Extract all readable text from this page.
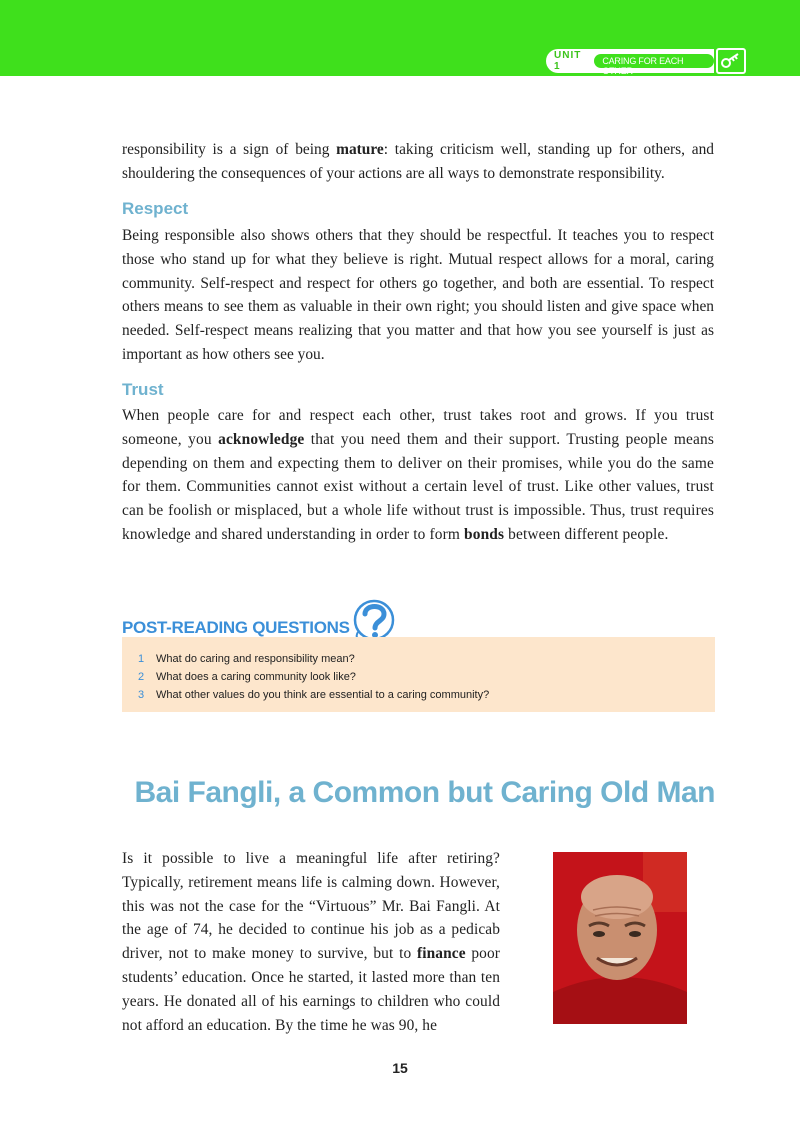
UNIT 1	CARING FOR EACH OTHER

responsibility is a sign of being mature: taking criticism well, standing up for others, and shouldering the consequences of your actions are all ways to demonstrate responsibility.

Respect

Being responsible also shows others that they should be respectful. It teaches you to respect those who stand up for what they believe is right. Mutual respect allows for a moral, caring community. Self-respect and respect for others go together, and both are essential. To respect others means to see them as valuable in their own right; you should listen and give space when needed. Self-respect means realizing that you matter and that how you see yourself is just as important as how others see you.

Trust

When people care for and respect each other, trust takes root and grows. If you trust someone, you acknowledge that you need them and their support. Trusting people means depending on them and expecting them to deliver on their promises, while you do the same for them. Communities cannot exist without a certain level of trust. Like other values, trust can be foolish or misplaced, but a whole life without trust is impossible. Thus, trust requires knowledge and shared understanding in order to form bonds between different people.

POST-READING QUESTIONS
1	What do caring and responsibility mean?
2	What does a caring community look like?
3	What other values do you think are essential to a caring community?
Bai Fangli, a Common but Caring Old Man

Is it possible to live a meaningful life after retiring? Typically, retirement means life is calming down. However, this was not the case for the “Virtuous” Mr. Bai Fangli. At the age of 74, he decided to continue his job as a pedicab driver, not to make money to survive, but to finance poor students’ education. Once he started, it lasted more than ten years. He donated all of his earnings to children who could not afford an education. By the time he was 90, he

15
